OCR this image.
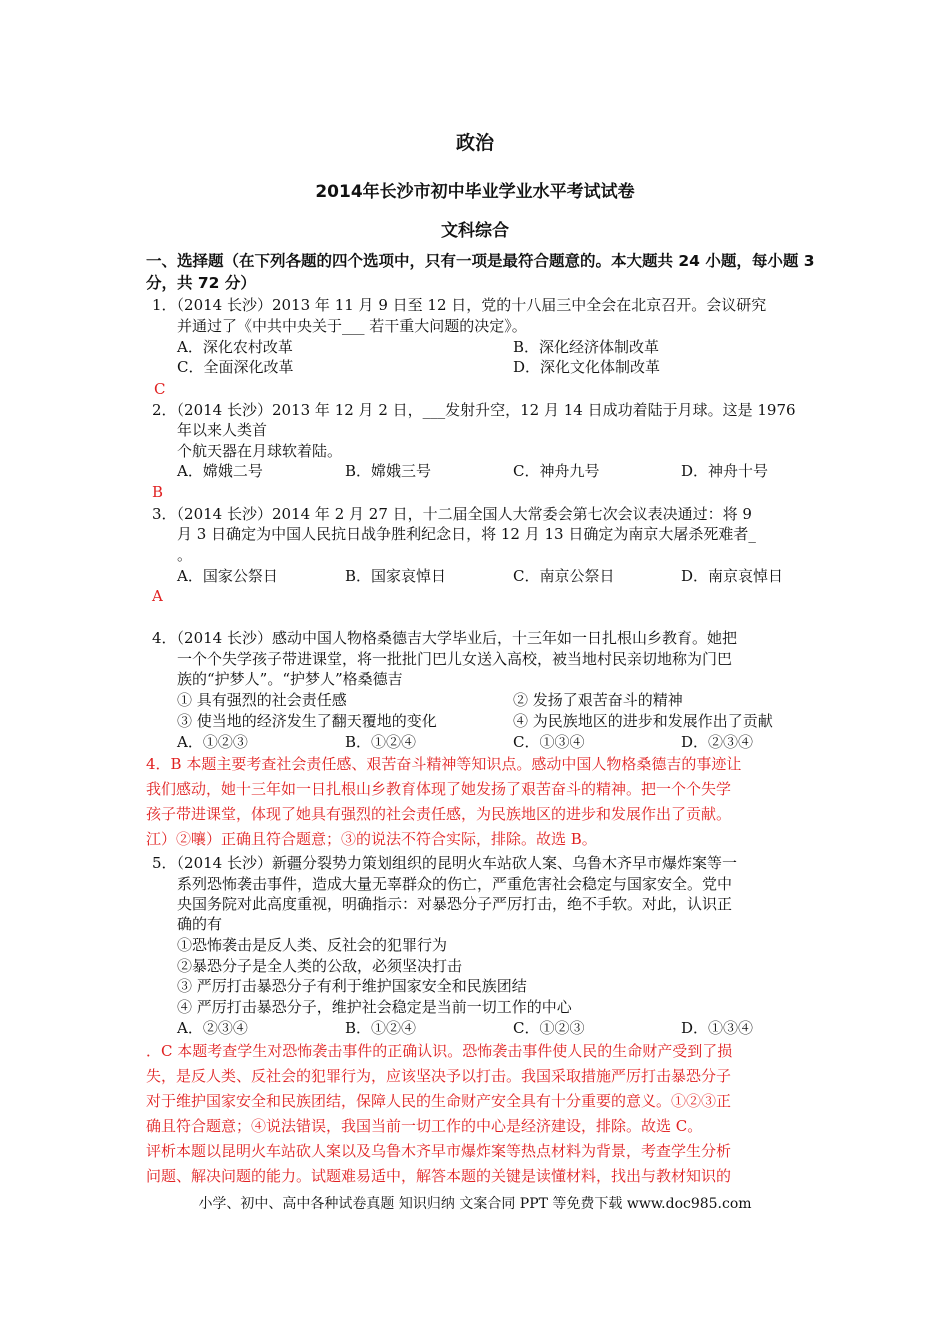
政治
2014年长沙市初中毕业学业水平考试试卷
文科综合
一、选择题（在下列各题的四个选项中，只有一项是最符合题意的。本大题共 24 小题，每小题 3 分，共 72 分）
1．（2014 长沙）2013 年 11 月 9 日至 12 日，党的十八届三中全会在北京召开。会议研究
并通过了《中共中央关于___ 若干重大问题的决定》。
A．深化农村改革	B．深化经济体制改革
C．全面深化改革	D．深化文化体制改革
C
2．（2014 长沙）2013 年 12 月 2 日，___发射升空，12 月 14 日成功着陆于月球。这是 1976
年以来人类首
个航天器在月球软着陆。
A．嫦娥二号	B．嫦娥三号	C．神舟九号	D．神舟十号
B
3．（2014 长沙）2014 年 2 月 27 日，十二届全国人大常委会第七次会议表决通过：将 9
月 3 日确定为中国人民抗日战争胜利纪念日，将 12 月 13 日确定为南京大屠杀死难者_
。
A．国家公祭日	B．国家哀悼日	C．南京公祭日	D．南京哀悼日
A
4．（2014 长沙）感动中国人物格桑德吉大学毕业后，十三年如一日扎根山乡教育。她把
一个个失学孩子带进课堂，将一批批门巴儿女送入高校，被当地村民亲切地称为门巴
族的“护梦人”。“护梦人”格桑德吉
① 具有强烈的社会责任感	② 发扬了艰苦奋斗的精神
③ 使当地的经济发生了翻天覆地的变化	④ 为民族地区的进步和发展作出了贡献
A．①②③	B．①②④	C．①③④	D．②③④
4．B 本题主要考查社会责任感、艰苦奋斗精神等知识点。感动中国人物格桑德吉的事迹让
我们感动，她十三年如一日扎根山乡教育体现了她发扬了艰苦奋斗的精神。把一个个失学
孩子带进课堂，体现了她具有强烈的社会责任感，为民族地区的进步和发展作出了贡献。
江）②嚷）正确且符合题意；③的说法不符合实际，排除。故选 B。
5．（2014 长沙）新疆分裂势力策划组织的昆明火车站砍人案、乌鲁木齐早市爆炸案等一
系列恐怖袭击事件，造成大量无辜群众的伤亡，严重危害社会稳定与国家安全。党中
央国务院对此高度重视，明确指示：对暴恐分子严厉打击，绝不手软。对此，认识正
确的有
①恐怖袭击是反人类、反社会的犯罪行为
②暴恐分子是全人类的公敌，必须坚决打击
③ 严厉打击暴恐分子有利于维护国家安全和民族团结
④ 严厉打击暴恐分子，维护社会稳定是当前一切工作的中心
A．②③④	B．①②④	C．①②③	D．①③④
．C 本题考查学生对恐怖袭击事件的正确认识。恐怖袭击事件使人民的生命财产受到了损
失，是反人类、反社会的犯罪行为，应该坚决予以打击。我国采取措施严厉打击暴恐分子
对于维护国家安全和民族团结，保障人民的生命财产安全具有十分重要的意义。①②③正
确且符合题意；④说法错误，我国当前一切工作的中心是经济建设，排除。故选 C。
评析本题以昆明火车站砍人案以及乌鲁木齐早市爆炸案等热点材料为背景，考查学生分析
问题、解决问题的能力。试题难易适中，解答本题的关键是读懂材料，找出与教材知识的
小学、初中、高中各种试卷真题 知识归纳 文案合同 PPT 等免费下载 www.doc985.com
